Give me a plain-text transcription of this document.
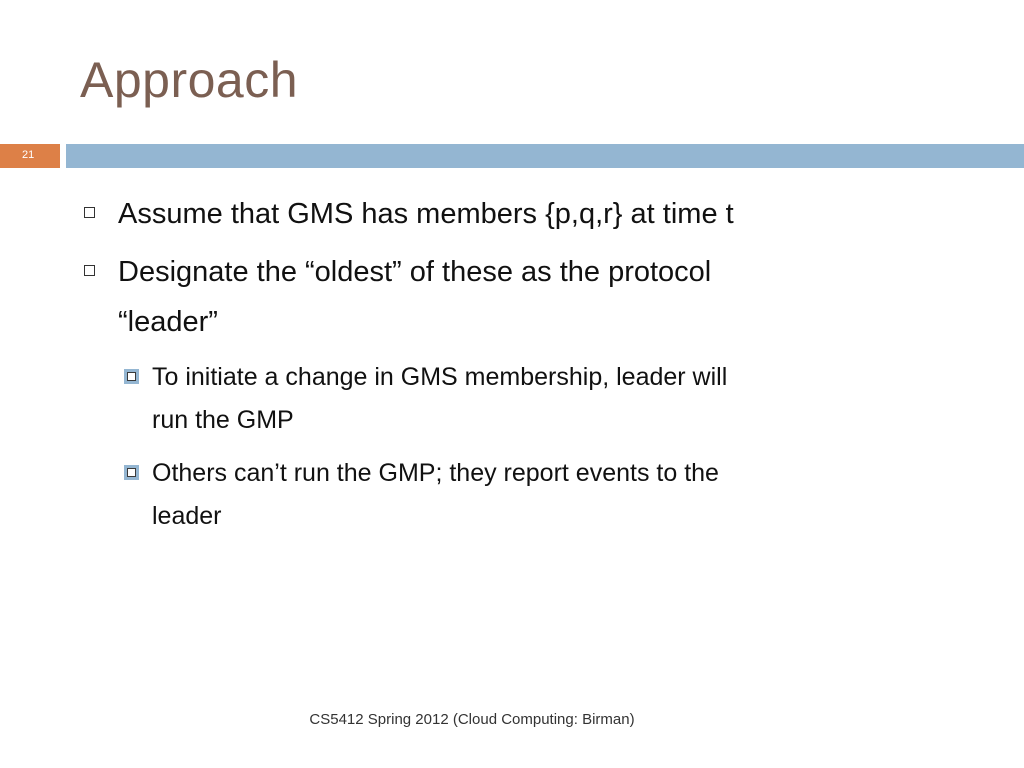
Approach
21
Assume that GMS has members {p,q,r} at time t
Designate the “oldest” of these as the protocol
“leader”
To initiate a change in GMS membership, leader will
run the GMP
Others can’t run the GMP; they report events to the
leader
CS5412 Spring 2012 (Cloud Computing: Birman)
